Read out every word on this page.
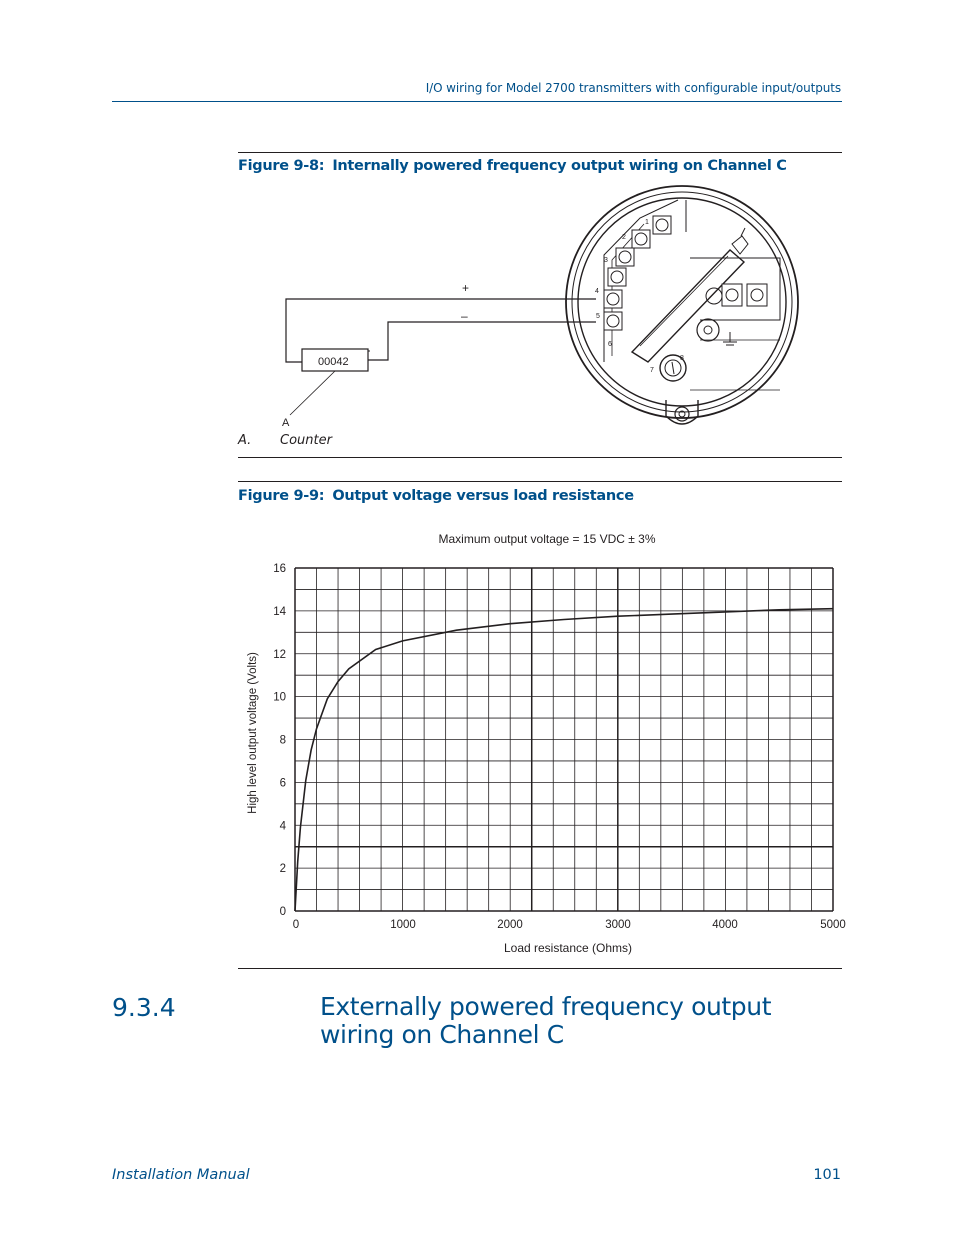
I/O wiring for Model 2700 transmitters with configurable input/outputs
Figure 9-8: Internally powered frequency output wiring on Channel C
+
–
00042
A
1
2
3
4
5
6
7
8
A. Counter
Figure 9-9: Output voltage versus load resistance
Maximum output voltage = 15 VDC ± 3%
0
2
4
6
8
10
12
14
16
0	1000	2000	3000	4000	5000
Load resistance (Ohms)
High level output voltage (Volts)
9.3.4	Externally powered frequency output wiring on Channel C
Installation Manual	101
